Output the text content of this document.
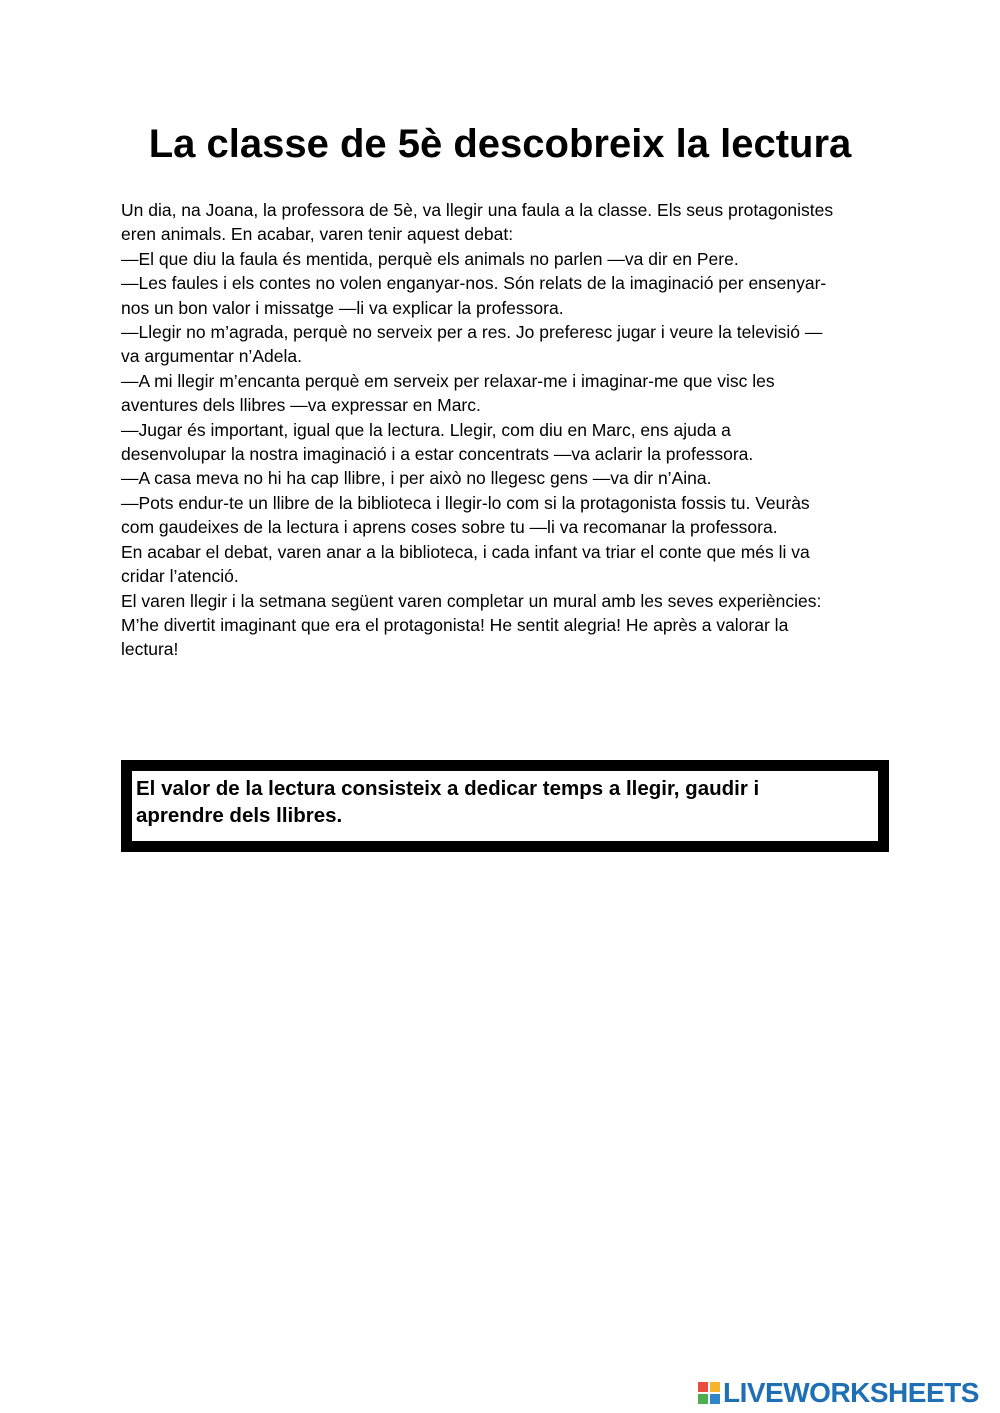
La classe de 5è descobreix la lectura
Un dia, na Joana, la professora de 5è, va llegir una faula a la classe. Els seus protagonistes
eren animals. En acabar, varen tenir aquest debat:
—El que diu la faula és mentida, perquè els animals no parlen —va dir en Pere.
—Les faules i els contes no volen enganyar-nos. Són relats de la imaginació per ensenyar-
nos un bon valor i missatge —li va explicar la professora.
—Llegir no m’agrada, perquè no serveix per a res. Jo preferesc jugar i veure la televisió —
va argumentar n’Adela.
—A mi llegir m’encanta perquè em serveix per relaxar-me i imaginar-me que visc les
aventures dels llibres —va expressar en Marc.
—Jugar és important, igual que la lectura. Llegir, com diu en Marc, ens ajuda a
desenvolupar la nostra imaginació i a estar concentrats —va aclarir la professora.
—A casa meva no hi ha cap llibre, i per això no llegesc gens —va dir n’Aina.
—Pots endur-te un llibre de la biblioteca i llegir-lo com si la protagonista fossis tu. Veuràs
com gaudeixes de la lectura i aprens coses sobre tu —li va recomanar la professora.
En acabar el debat, varen anar a la biblioteca, i cada infant va triar el conte que més li va
cridar l’atenció.
El varen llegir i la setmana següent varen completar un mural amb les seves experiències:
M’he divertit imaginant que era el protagonista! He sentit alegria! He après a valorar la
lectura!
El valor de la lectura consisteix a dedicar temps a llegir, gaudir i
aprendre dels llibres.
LIVEWORKSHEETS
